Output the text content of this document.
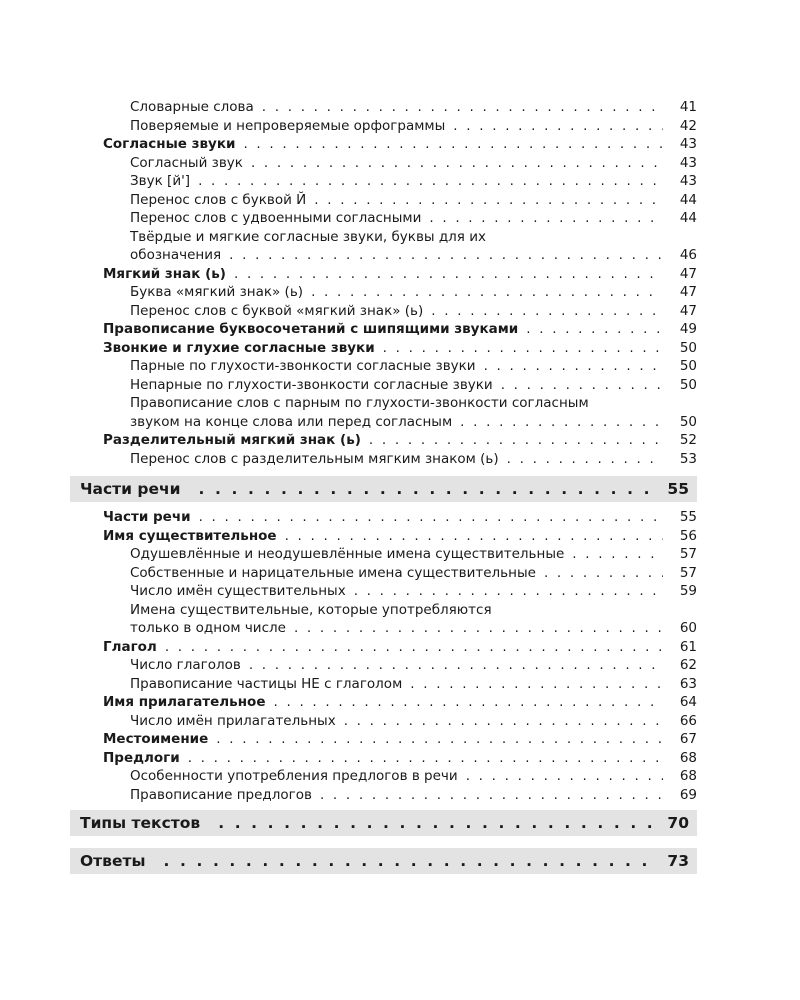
Словарные слова . . .	41
Поверяемые и непроверяемые орфограммы . . .	42
Согласные звуки . . .	43
Согласный звук . . .	43
Звук [й'] . . .	43
Перенос слов с буквой Й . . .	44
Перенос слов с удвоенными согласными . . .	44
Твёрдые и мягкие согласные звуки, буквы для их
обозначения . . .	46
Мягкий знак (ь) . . .	47
Буква «мягкий знак» (ь) . . .	47
Перенос слов с буквой «мягкий знак» (ь) . . .	47
Правописание буквосочетаний с шипящими звуками . . .	49
Звонкие и глухие согласные звуки . . .	50
Парные по глухости-звонкости согласные звуки . . .	50
Непарные по глухости-звонкости согласные звуки . . .	50
Правописание слов с парным по глухости-звонкости согласным
звуком на конце слова или перед согласным . . .	50
Разделительный мягкий знак (ь) . . .	52
Перенос слов с разделительным мягким знаком (ь) . . .	53
Части речи . . .	55
Части речи . . .	55
Имя существительное . . .	56
Одушевлённые и неодушевлённые имена существительные . . .	57
Собственные и нарицательные имена существительные . . .	57
Число имён существительных . . .	59
Имена существительные, которые употребляются
только в одном числе . . .	60
Глагол . . .	61
Число глаголов . . .	62
Правописание частицы НЕ с глаголом . . .	63
Имя прилагательное . . .	64
Число имён прилагательных . . .	66
Местоимение . . .	67
Предлоги . . .	68
Особенности употребления предлогов в речи . . .	68
Правописание предлогов . . .	69
Типы текстов . . .	70
Ответы . . .	73
